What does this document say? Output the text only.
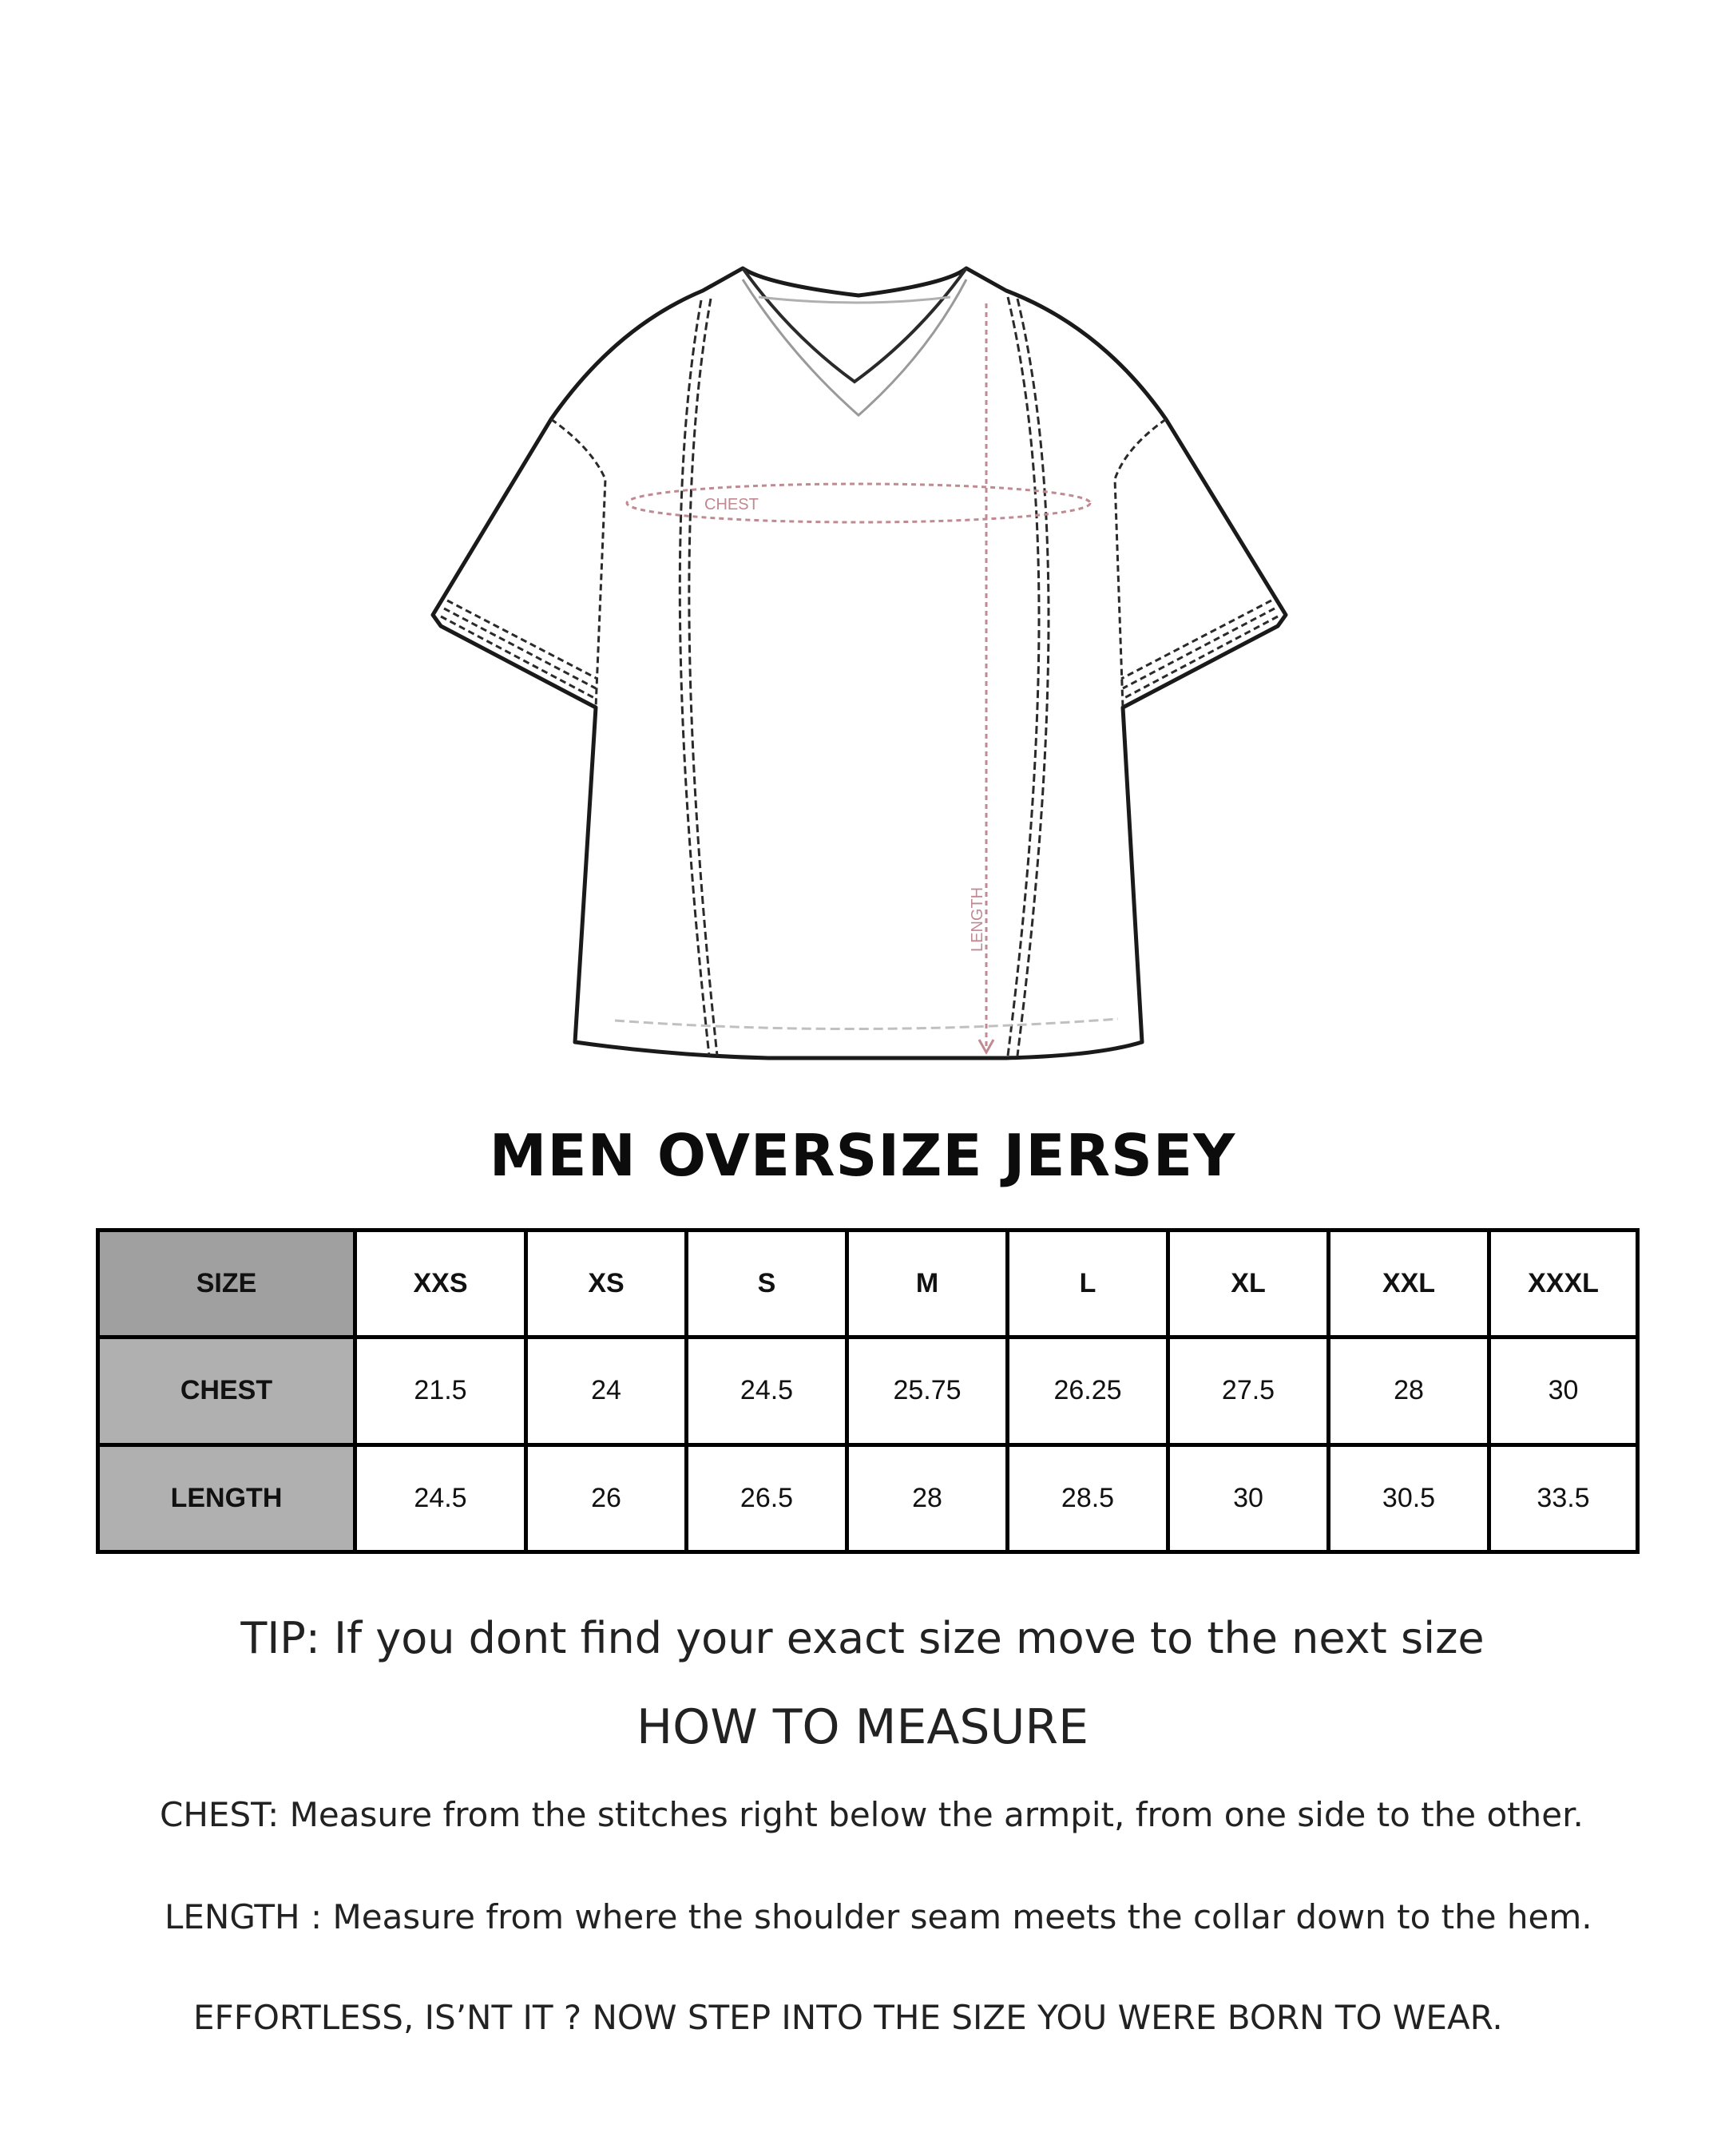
CHEST
LENGTH
MEN OVERSIZE JERSEY
SIZE	XXS	XS	S	M	L	XL	XXL	XXXL
CHEST	21.5	24	24.5	25.75	26.25	27.5	28	30
LENGTH	24.5	26	26.5	28	28.5	30	30.5	33.5
TIP: If you dont find your exact size move to the next size
HOW TO MEASURE
CHEST: Measure from the stitches right below the armpit, from one side to the other.
LENGTH : Measure from where the shoulder seam meets the collar down to the hem.
EFFORTLESS, IS’NT IT ? NOW STEP INTO THE SIZE YOU WERE BORN TO WEAR.
